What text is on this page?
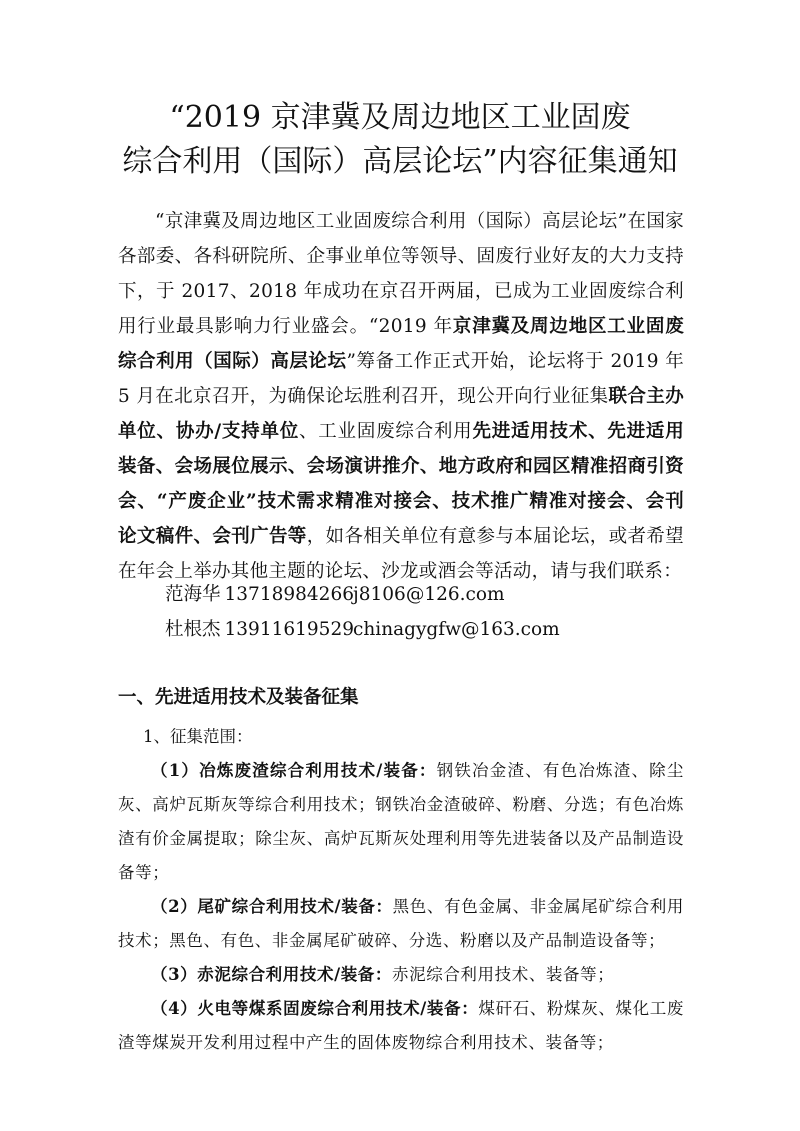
“2019 京津冀及周边地区工业固废
综合利用（国际）高层论坛”内容征集通知
“京津冀及周边地区工业固废综合利用（国际）高层论坛”在国家各部委、各科研院所、企事业单位等领导、固废行业好友的大力支持下，于 2017、2018 年成功在京召开两届，已成为工业固废综合利用行业最具影响力行业盛会。“2019 年京津冀及周边地区工业固废综合利用（国际）高层论坛”筹备工作正式开始，论坛将于 2019 年 5 月在北京召开，为确保论坛胜利召开，现公开向行业征集联合主办单位、协办/支持单位、工业固废综合利用先进适用技术、先进适用装备、会场展位展示、会场演讲推介、地方政府和园区精准招商引资会、“产废企业”技术需求精准对接会、技术推广精准对接会、会刊论文稿件、会刊广告等，如各相关单位有意参与本届论坛，或者希望在年会上举办其他主题的论坛、沙龙或酒会等活动，请与我们联系：
范海华 13718984266 j8106@126.com
杜根杰 13911619529 chinagygfw@163.com
一、先进适用技术及装备征集
1、征集范围：

（1）冶炼废渣综合利用技术/装备：钢铁冶金渣、有色冶炼渣、除尘灰、高炉瓦斯灰等综合利用技术；钢铁冶金渣破碎、粉磨、分选；有色冶炼渣有价金属提取；除尘灰、高炉瓦斯灰处理利用等先进装备以及产品制造设备等；

（2）尾矿综合利用技术/装备：黑色、有色金属、非金属尾矿综合利用技术；黑色、有色、非金属尾矿破碎、分选、粉磨以及产品制造设备等；

（3）赤泥综合利用技术/装备：赤泥综合利用技术、装备等；

（4）火电等煤系固废综合利用技术/装备：煤矸石、粉煤灰、煤化工废渣等煤炭开发利用过程中产生的固体废物综合利用技术、装备等；
